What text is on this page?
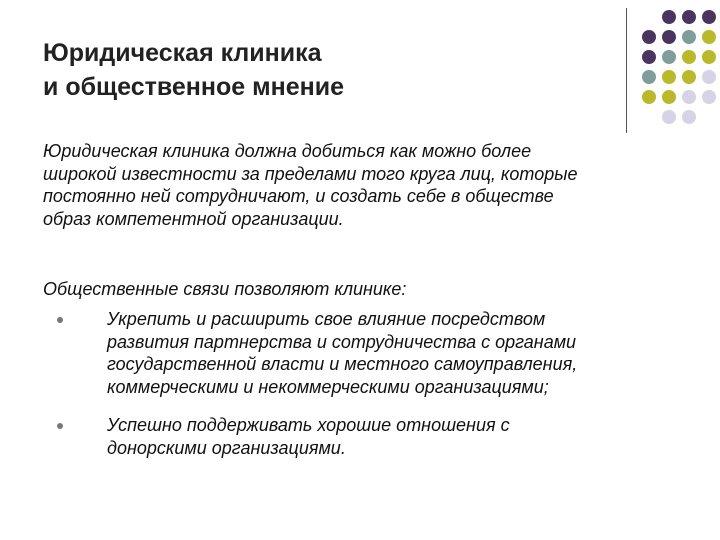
Юридическая клиника
и общественное мнение
Юридическая клиника должна добиться как можно более
широкой известности за пределами того круга лиц, которые
постоянно ней сотрудничают, и создать себе в обществе
образ компетентной организации.
Общественные связи позволяют клинике:
Укрепить и расширить свое влияние посредством
развития партнерства и сотрудничества с органами
государственной власти и местного самоуправления,
коммерческими и некоммерческими организациями;
Успешно поддерживать хорошие отношения с
донорскими организациями.
